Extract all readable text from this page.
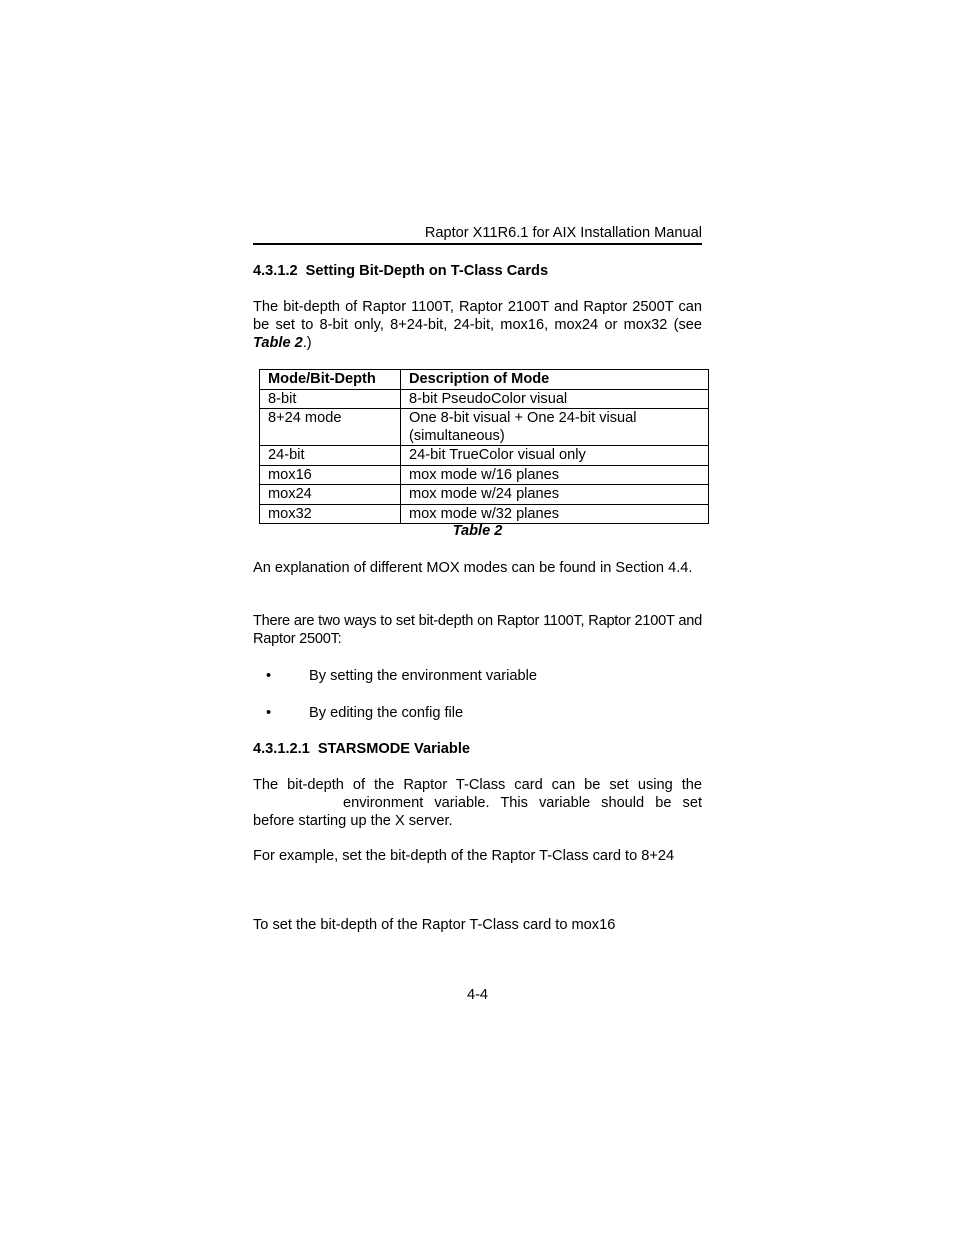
Raptor X11R6.1 for AIX Installation Manual
4.3.1.2 Setting Bit-Depth on T-Class Cards
The bit-depth of Raptor 1100T, Raptor 2100T and Raptor 2500T can be set to 8-bit only, 8+24-bit, 24-bit, mox16, mox24 or mox32 (see Table 2.)
Mode/Bit-Depth	Description of Mode
8-bit	8-bit PseudoColor visual
8+24 mode	One 8-bit visual + One 24-bit visual (simultaneous)
24-bit	24-bit TrueColor visual only
mox16	mox mode w/16 planes
mox24	mox mode w/24 planes
mox32	mox mode w/32 planes
Table 2
An explanation of different MOX modes can be found in Section 4.4.
There are two ways to set bit-depth on Raptor 1100T, Raptor 2100T and Raptor 2500T:
•	By setting the environment variable
•	By editing the config file
4.3.1.2.1 STARSMODE Variable
The bit-depth of the Raptor T-Class card can be set using the
environment variable. This variable should be set
before starting up the X server.
For example, set the bit-depth of the Raptor T-Class card to 8+24
To set the bit-depth of the Raptor T-Class card to mox16
4-4
